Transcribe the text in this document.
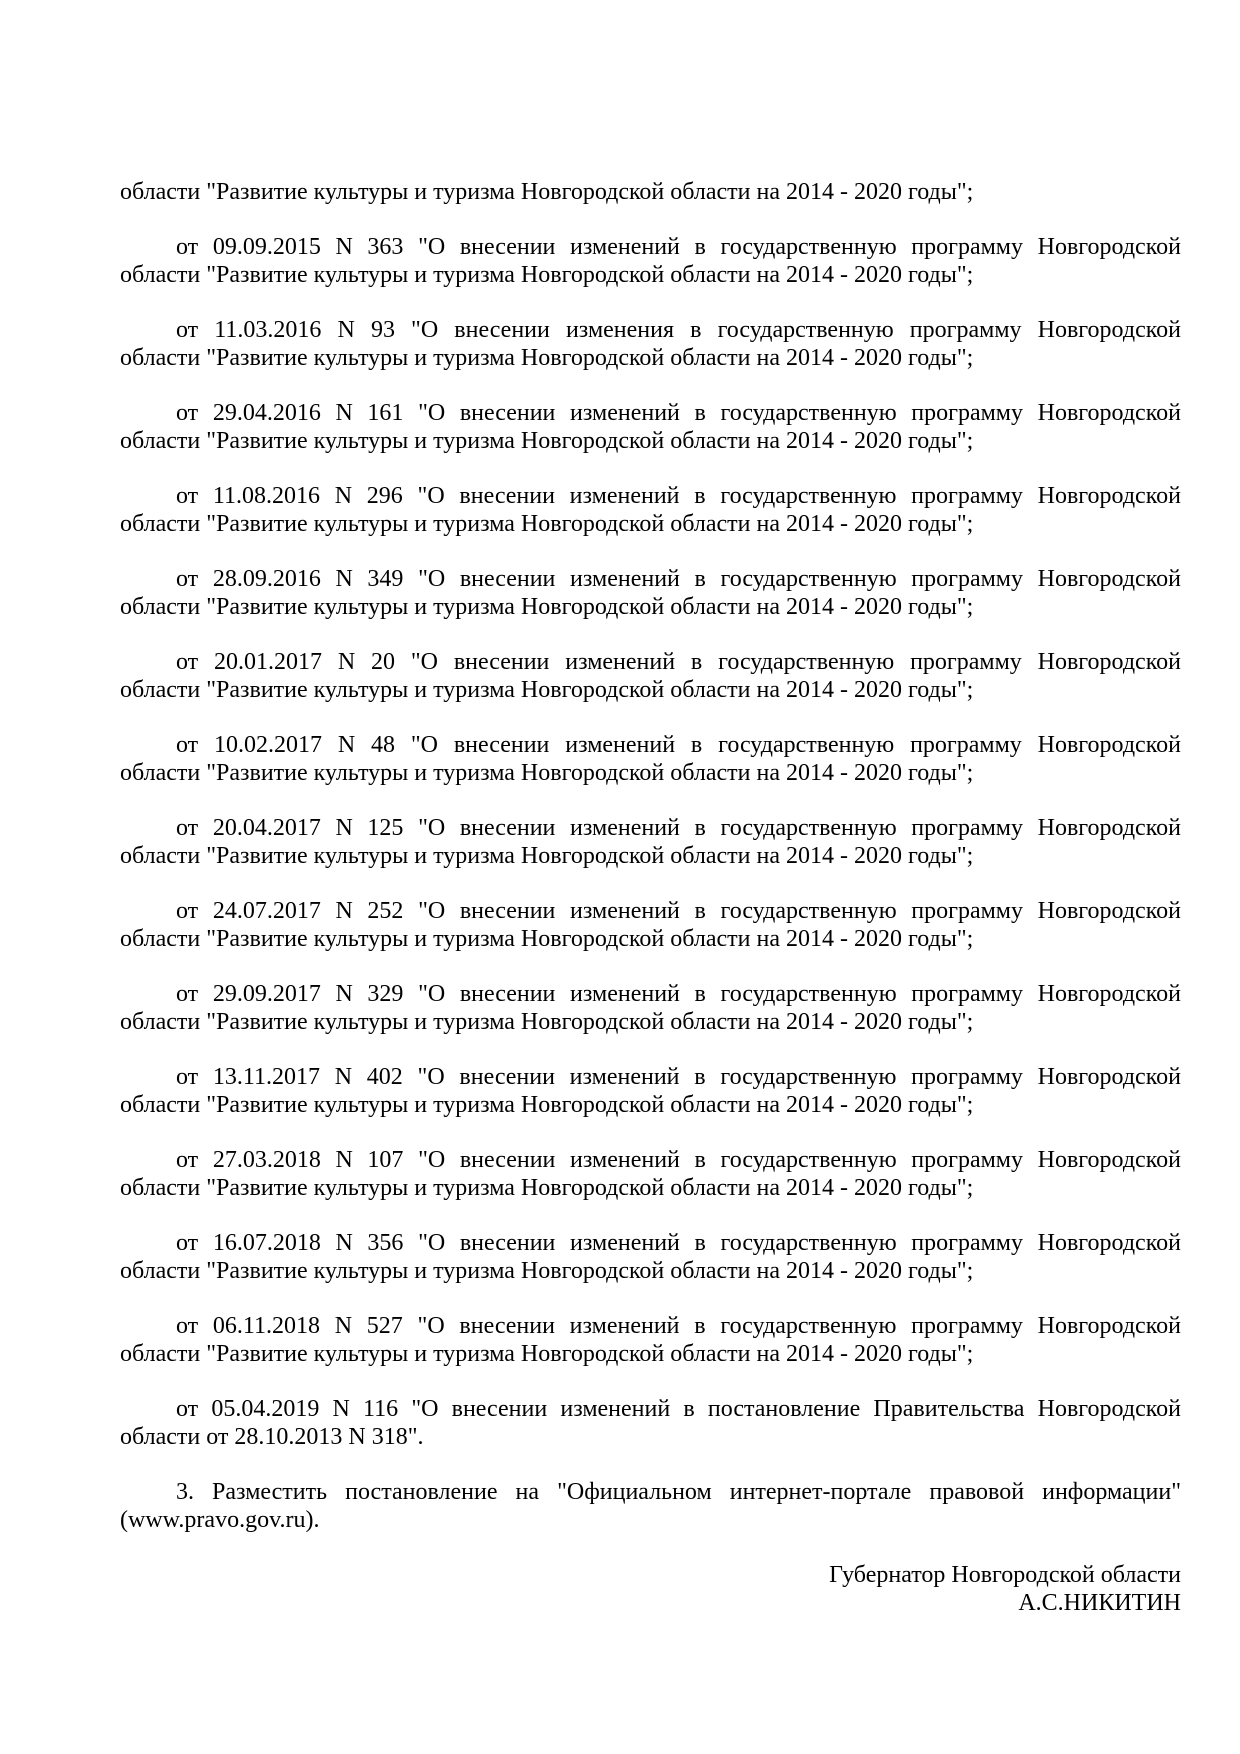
области "Развитие культуры и туризма Новгородской области на 2014 - 2020 годы";
от 09.09.2015 N 363 "О внесении изменений в государственную программу Новгородской
области "Развитие культуры и туризма Новгородской области на 2014 - 2020 годы";
от 11.03.2016 N 93 "О внесении изменения в государственную программу Новгородской
области "Развитие культуры и туризма Новгородской области на 2014 - 2020 годы";
от 29.04.2016 N 161 "О внесении изменений в государственную программу Новгородской
области "Развитие культуры и туризма Новгородской области на 2014 - 2020 годы";
от 11.08.2016 N 296 "О внесении изменений в государственную программу Новгородской
области "Развитие культуры и туризма Новгородской области на 2014 - 2020 годы";
от 28.09.2016 N 349 "О внесении изменений в государственную программу Новгородской
области "Развитие культуры и туризма Новгородской области на 2014 - 2020 годы";
от 20.01.2017 N 20 "О внесении изменений в государственную программу Новгородской
области "Развитие культуры и туризма Новгородской области на 2014 - 2020 годы";
от 10.02.2017 N 48 "О внесении изменений в государственную программу Новгородской
области "Развитие культуры и туризма Новгородской области на 2014 - 2020 годы";
от 20.04.2017 N 125 "О внесении изменений в государственную программу Новгородской
области "Развитие культуры и туризма Новгородской области на 2014 - 2020 годы";
от 24.07.2017 N 252 "О внесении изменений в государственную программу Новгородской
области "Развитие культуры и туризма Новгородской области на 2014 - 2020 годы";
от 29.09.2017 N 329 "О внесении изменений в государственную программу Новгородской
области "Развитие культуры и туризма Новгородской области на 2014 - 2020 годы";
от 13.11.2017 N 402 "О внесении изменений в государственную программу Новгородской
области "Развитие культуры и туризма Новгородской области на 2014 - 2020 годы";
от 27.03.2018 N 107 "О внесении изменений в государственную программу Новгородской
области "Развитие культуры и туризма Новгородской области на 2014 - 2020 годы";
от 16.07.2018 N 356 "О внесении изменений в государственную программу Новгородской
области "Развитие культуры и туризма Новгородской области на 2014 - 2020 годы";
от 06.11.2018 N 527 "О внесении изменений в государственную программу Новгородской
области "Развитие культуры и туризма Новгородской области на 2014 - 2020 годы";
от 05.04.2019 N 116 "О внесении изменений в постановление Правительства Новгородской
области от 28.10.2013 N 318".
3. Разместить постановление на "Официальном интернет-портале правовой информации"
(www.pravo.gov.ru).
Губернатор Новгородской области
А.С.НИКИТИН
